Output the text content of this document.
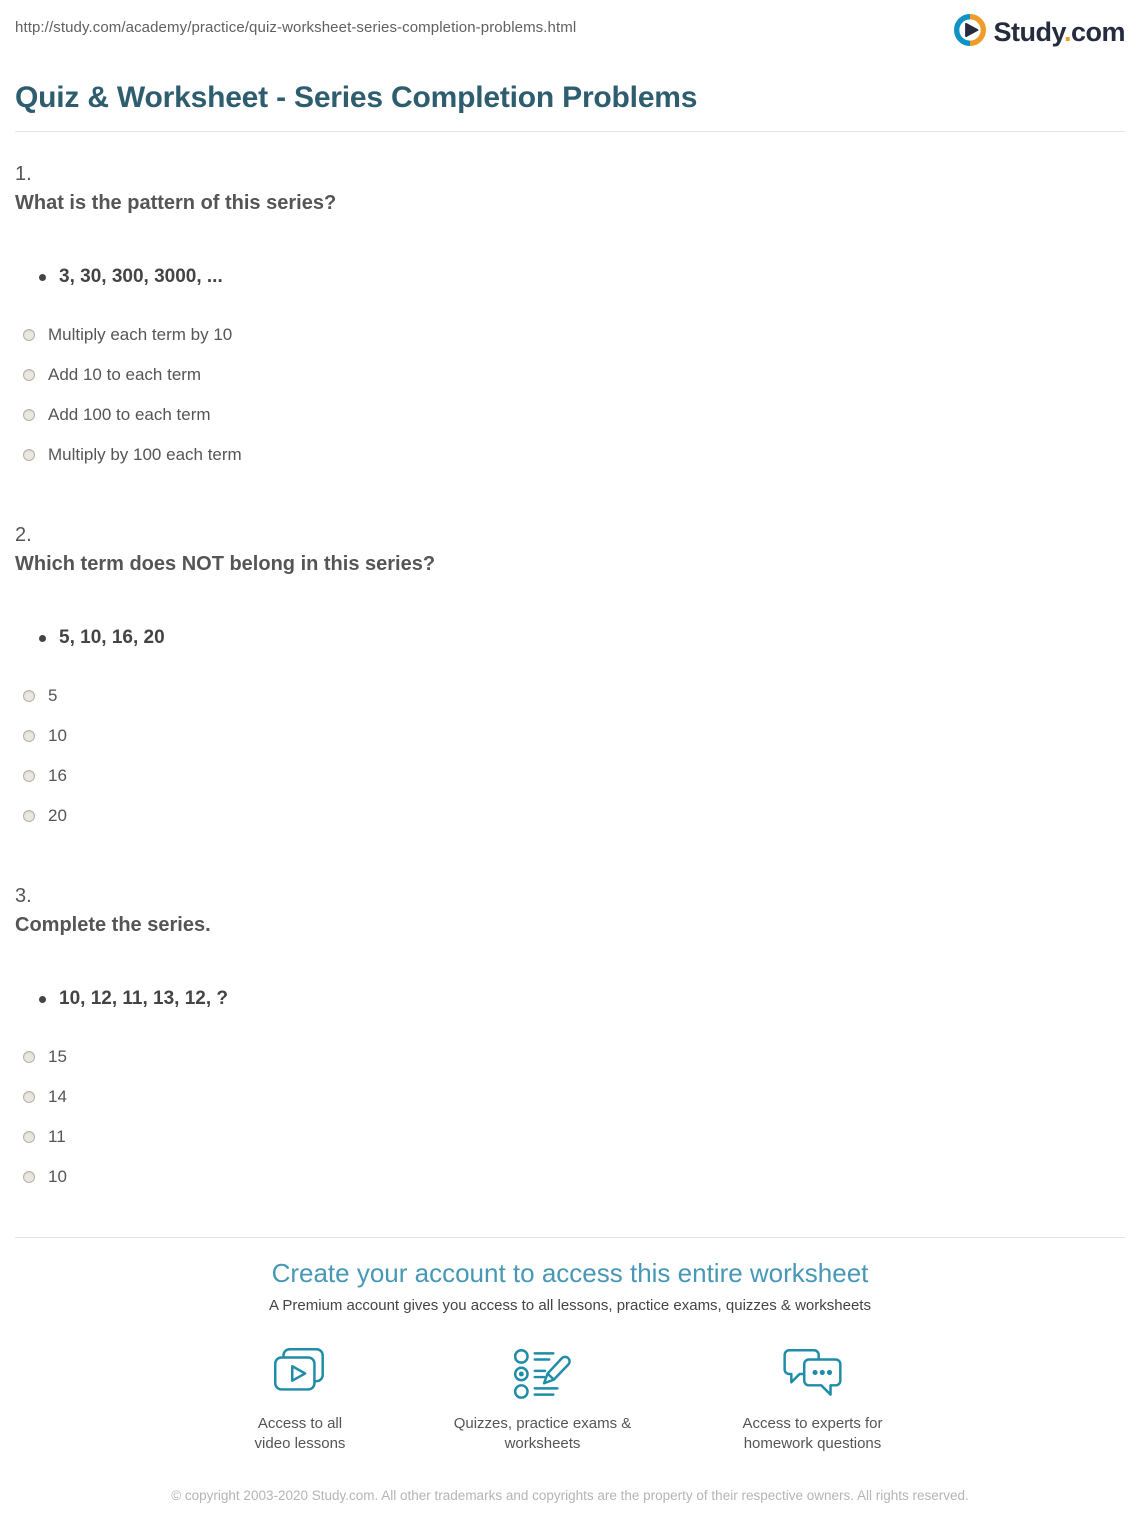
http://study.com/academy/practice/quiz-worksheet-series-completion-problems.html	Study.com
Quiz & Worksheet - Series Completion Problems
1.
What is the pattern of this series?
3, 30, 300, 3000, ...
Multiply each term by 10
Add 10 to each term
Add 100 to each term
Multiply by 100 each term
2.
Which term does NOT belong in this series?
5, 10, 16, 20
5
10
16
20
3.
Complete the series.
10, 12, 11, 13, 12, ?
15
14
11
10
Create your account to access this entire worksheet
A Premium account gives you access to all lessons, practice exams, quizzes & worksheets
Access to all video lessons
Quizzes, practice exams & worksheets
Access to experts for homework questions
© copyright 2003-2020 Study.com. All other trademarks and copyrights are the property of their respective owners. All rights reserved.
